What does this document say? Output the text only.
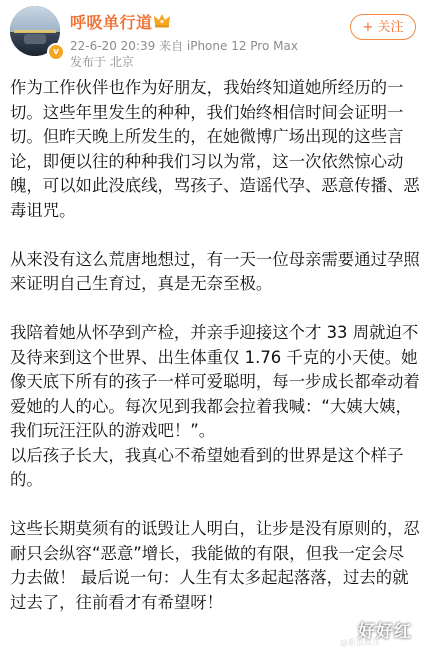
v
呼吸单行道
22-6-20 20:39 来自 iPhone 12 Pro Max
发布于 北京
+ 关注

作为工作伙伴也作为好朋友，我始终知道她所经历的一切。这些年里发生的种种，我们始终相信时间会证明一切。但昨天晚上所发生的，在她微博广场出现的这些言论，即便以往的种种我们习以为常，这一次依然惊心动魄，可以如此没底线，骂孩子、造谣代孕、恶意传播、恶毒诅咒。

从来没有这么荒唐地想过，有一天一位母亲需要通过孕照来证明自己生育过，真是无奈至极。

我陪着她从怀孕到产检，并亲手迎接这个才 33 周就迫不及待来到这个世界、出生体重仅 1.76 千克的小天使。她像天底下所有的孩子一样可爱聪明，每一步成长都牵动着爱她的人的心。每次见到我都会拉着我喊：“大姨大姨，我们玩汪汪队的游戏吧！”。

以后孩子长大，我真心不希望她看到的世界是这个样子的。

这些长期莫须有的诋毁让人明白，让步是没有原则的，忍耐只会纵容“恶意”增长，我能做的有限，但我一定会尽力去做！ 最后说一句：人生有太多起起落落，过去的就过去了，往前看才有希望呀！

好好红
@新浪娱乐
